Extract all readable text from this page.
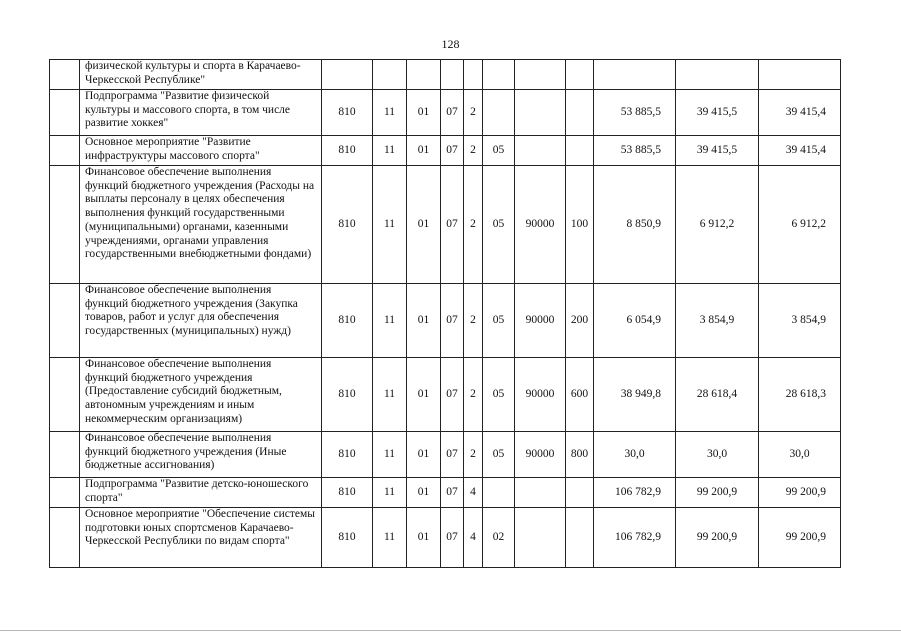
128
	физической культуры и спорта в Карачаево-Черкесской Республике"											
	Подпрограмма "Развитие физической культуры и массового спорта, в том числе развитие хоккея"	810	11	01	07	2				53 885,5	39 415,5	39 415,4
	Основное мероприятие "Развитие инфраструктуры массового спорта"	810	11	01	07	2	05			53 885,5	39 415,5	39 415,4
	Финансовое обеспечение выполнения функций бюджетного учреждения (Расходы на выплаты персоналу в целях обеспечения выполнения функций государственными (муниципальными) органами, казенными учреждениями, органами управления государственными внебюджетными фондами)	810	11	01	07	2	05	90000	100	8 850,9	6 912,2	6 912,2
	Финансовое обеспечение выполнения функций бюджетного учреждения (Закупка товаров, работ и услуг для обеспечения государственных (муниципальных) нужд)	810	11	01	07	2	05	90000	200	6 054,9	3 854,9	3 854,9
	Финансовое обеспечение выполнения функций бюджетного учреждения (Предоставление субсидий бюджетным, автономным учреждениям и иным некоммерческим организациям)	810	11	01	07	2	05	90000	600	38 949,8	28 618,4	28 618,3
	Финансовое обеспечение выполнения функций бюджетного учреждения (Иные бюджетные ассигнования)	810	11	01	07	2	05	90000	800	30,0	30,0	30,0
	Подпрограмма "Развитие детско-юношеского спорта"	810	11	01	07	4				106 782,9	99 200,9	99 200,9
	Основное мероприятие "Обеспечение системы подготовки юных спортсменов Карачаево-Черкесской Республики по видам спорта"	810	11	01	07	4	02			106 782,9	99 200,9	99 200,9
